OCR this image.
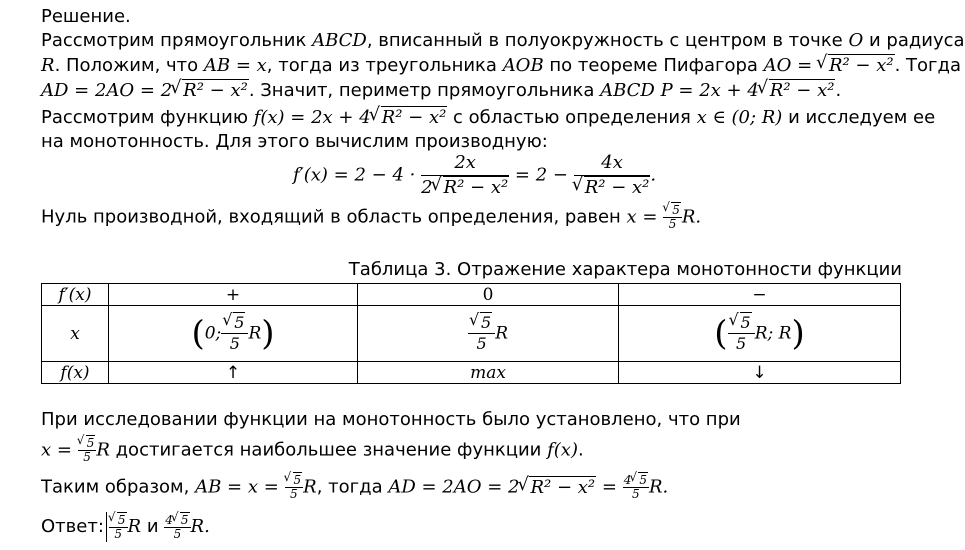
Решение.
Рассмотрим прямоугольник ABCD, вписанный в полуокружность с центром в точке O и радиуса
R. Положим, что AB = x, тогда из треугольника AOB по теореме Пифагора AO = √ R² − x². Тогда
AD = 2AO = 2 √ R² − x². Значит, периметр прямоугольника ABCD P = 2x + 4 √ R² − x².
Рассмотрим функцию f(x) = 2x + 4 √ R² − x² с областью определения x ∈ (0; R) и исследуем ее
на монотонность. Для этого вычислим производную:
$f'(x) = 2 - 4 \cdot \frac{2x}{\text{2 √ R² − x²}} = 2 - 4x$
√ R² − x² .
Нуль производной, входящий в область определения, равен x = √ $\frac{5}{5} R$.
Таблица 3. Отражение характера монотонности функции
f′(x)	+	0	−
x	(0; √ $\frac{5}{5} R$)	√ $\frac{5}{5}$ R	( √ $\frac{5}{5} R$; R)
f(x)	↑	max	↓
При исследовании функции на монотонность было установлено, что при
x = √ $\frac{5}{5}$ R достигается наибольшее значение функции f(x).
Таким образом, AB = x = √ $\frac{5}{5} R$, тогда AD = 2AO = 2 √ $R^2 - x^2 = \frac{4 √ 5}{5} R$.
Ответ: √ $\frac{5}{5}$ R и $\frac{4 √ 5}{5} R$.
